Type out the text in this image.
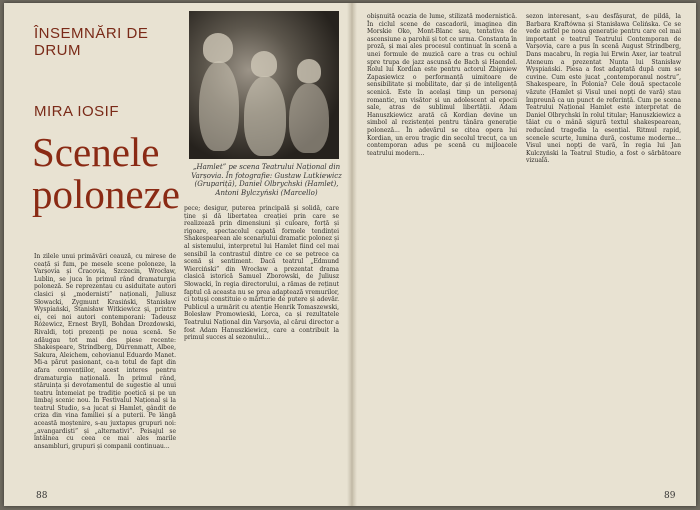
ÎNSEMNĂRI DE DRUM
MIRA IOSIF
Scenele
poloneze
„Hamlet” pe scena Teatrului Național din Varșovia. În fotografie: Gustaw Lutkiewicz (Grupariță), Daniel Olbrychski (Hamlet), Antoni Bylczyński (Marcello)
În zilele unui primăvări ceauză, cu mirese de ceață și fum, pe mesele scene poloneze, la Varșovia și Cracovia, Szczecin, Wrocław, Lublin, se juca în primul rând dramaturgia poloneză. Se reprezentau cu asiduitate autori clasici și „modernisti” naționali, Juliusz Słowacki, Zygmunt Krasiński, Stanisław Wyspiański, Stanisław Witkiewicz și, printre ei, cei noi autori contemporani: Tadeusz Różewicz, Ernest Bryll, Bohdan Drozdowski, Rivaldi, toți prezenți pe noua scenă. Se adăugau tot mai des piese recente: Shakespeare, Strindberg, Dürrenmatt, Albee, Sakura, Aleichem, cehovianul Eduardo Manet. Mi-a părut pasionant, ca-n totul de fapt din afara convențiilor, acest interes pentru dramaturgia națională. În primul rând, stăruința și devotamentul de sugestie al unui teatru întemeiat pe tradiție poetică și pe un limbaj scenic nou. În Festivalul Național și la teatrul Studio, s-a jucat și Hamlet, gândit de criza din vina familiei și a puterii. Pe lângă această moștenire, s-au juxtapus grupuri noi: „avangardiști” și „alternativi”. Peisajul se întâlnea cu ceea ce mai ales marile ansambluri, grupuri și companii continuau...
pece; desigur, puterea principală și solidă, care ține și dă libertatea creației prin care se realizează prin dimensiuni și culoare, forță și rigoare, spectacolul capată formele tendinței Shakespearean ale scenariului dramatic polonez și al sistemului, interpretul lui Hamlet fiind cel mai sensibil la contrastul dintre ce ce se petrece ca scenă și sentiment. Dacă teatrul „Edmund Wierciński” din Wrocław a prezentat drama clasică istorică Samuel Zborowski, de Juliusz Słowacki, în regia directorului, a rămas de reținut faptul că aceasta nu se prea adaptează vremurilor, ci totuși constituie o mărturie de putere și adevăr. Publicul a urmărit cu atenție Henrik Tomaszewski, Bolesław Promowieski, Lorca, ca și rezultatele Teatrului Național din Varșovia, al cărui director a fost Adam Hanuszkiewicz, care a contribuit la primul succes al sezonului...
88
obișnuită ocazia de lume, stilizată modernistică. În ciclul scene de cascadorii, imaginea din Morskie Oko, Mont-Blanc sau, tentativa de ascensiune a parohii și tot ce urma. Constanta în proză, și mai ales procesul continuat în scenă a unei formule de muzică care a tras cu ochiul spre trupa de jazz ascunsă de Bach și Haendel. Rolul lui Kordian este pentru actorul Zbigniew Zapasiewicz o performanță uimitoare de sensibilitate și mobilitate, dar și de inteligență scenică. Este în același timp un personaj romantic, un visător și un adolescent al epocii sale, atras de sublimul libertății. Adam Hanuszkiewicz arată că Kordian devine un simbol al rezistenței pentru tânăra generație poloneză... În adevărul se citea opera lui Kordian, un erou tragic din secolul trecut, ca un contemporan adus pe scenă cu mijloacele teatrului modern...
sezon interesant, s-au desfășurat, de pildă, la Barbara Kraftówna și Stanisława Celińska. Ce se vede astfel pe noua generație pentru care cel mai important e teatrul Teatrului Contemporan de Varșovia, care a pus în scenă August Strindberg, Dans macabru, în regia lui Erwin Axer, iar teatrul Ateneum a prezentat Nunta lui Stanisław Wyspiański. Piesa a fost adaptată după cum se cuvine. Cum este jucat „contemporanul nostru”, Shakespeare, în Polonia? Cele două spectacole văzute (Hamlet și Visul unei nopți de vară) stau împreună ca un punct de referință. Cum pe scena Teatrului Național Hamlet este interpretat de Daniel Olbrychski în rolul titular; Hanuszkiewicz a tăiat cu o mână sigură textul shakespearean, reducând tragedia la esențial. Ritmul rapid, scenele scurte, lumina dură, costume moderne... Visul unei nopți de vară, în regia lui Jan Kulczyński la Teatrul Studio, a fost o sărbătoare vizuală.
89
